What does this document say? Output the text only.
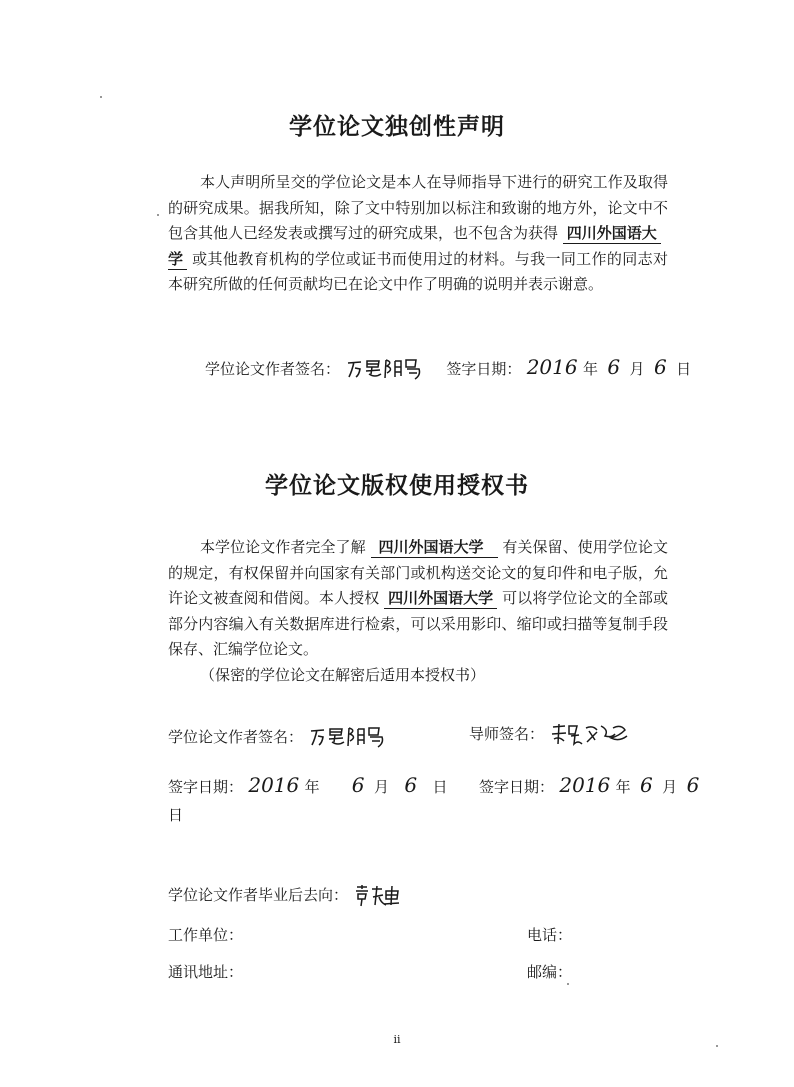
学位论文独创性声明
本人声明所呈交的学位论文是本人在导师指导下进行的研究工作及取得的研究成果。据我所知，除了文中特别加以标注和致谢的地方外，论文中不包含其他人已经发表或撰写过的研究成果，也不包含为获得 四川外国语大
学 或其他教育机构的学位或证书而使用过的材料。与我一同工作的同志对本研究所做的任何贡献均已在论文中作了明确的说明并表示谢意。
学位论文作者签名：	签字日期： 2016 年 6 月 6 日
学位论文版权使用授权书
本学位论文作者完全了解 四川外国语大学 有关保留、使用学位论文的规定，有权保留并向国家有关部门或机构送交论文的复印件和电子版，允许论文被查阅和借阅。本人授权 四川外国语大学 可以将学位论文的全部或部分内容编入有关数据库进行检索，可以采用影印、缩印或扫描等复制手段保存、汇编学位论文。
（保密的学位论文在解密后适用本授权书）
学位论文作者签名：	导师签名：
签字日期： 2016 年 6 月 6 日 签字日期： 2016 年 6 月 6
日
学位论文作者毕业后去向：
工作单位：	电话：
通讯地址：	邮编：
ii
